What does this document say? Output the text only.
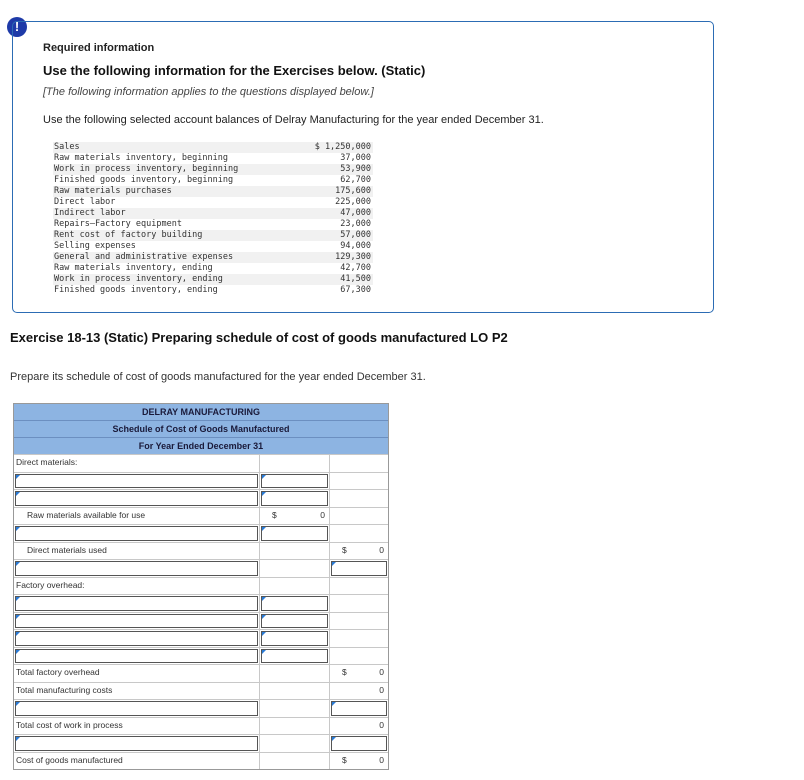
!
Required information
Use the following information for the Exercises below. (Static)
[The following information applies to the questions displayed below.]
Use the following selected account balances of Delray Manufacturing for the year ended December 31.
Sales	$ 1,250,000
Raw materials inventory, beginning	37,000
Work in process inventory, beginning	53,900
Finished goods inventory, beginning	62,700
Raw materials purchases	175,600
Direct labor	225,000
Indirect labor	47,000
Repairs—Factory equipment	23,000
Rent cost of factory building	57,000
Selling expenses	94,000
General and administrative expenses	129,300
Raw materials inventory, ending	42,700
Work in process inventory, ending	41,500
Finished goods inventory, ending	67,300
Exercise 18-13 (Static) Preparing schedule of cost of goods manufactured LO P2
Prepare its schedule of cost of goods manufactured for the year ended December 31.
DELRAY MANUFACTURING
Schedule of Cost of Goods Manufactured
For Year Ended December 31
Direct materials:
Raw materials available for use	$	0
Direct materials used	$	0
Factory overhead:
Total factory overhead	$	0
Total manufacturing costs	0
Total cost of work in process	0
Cost of goods manufactured	$	0
